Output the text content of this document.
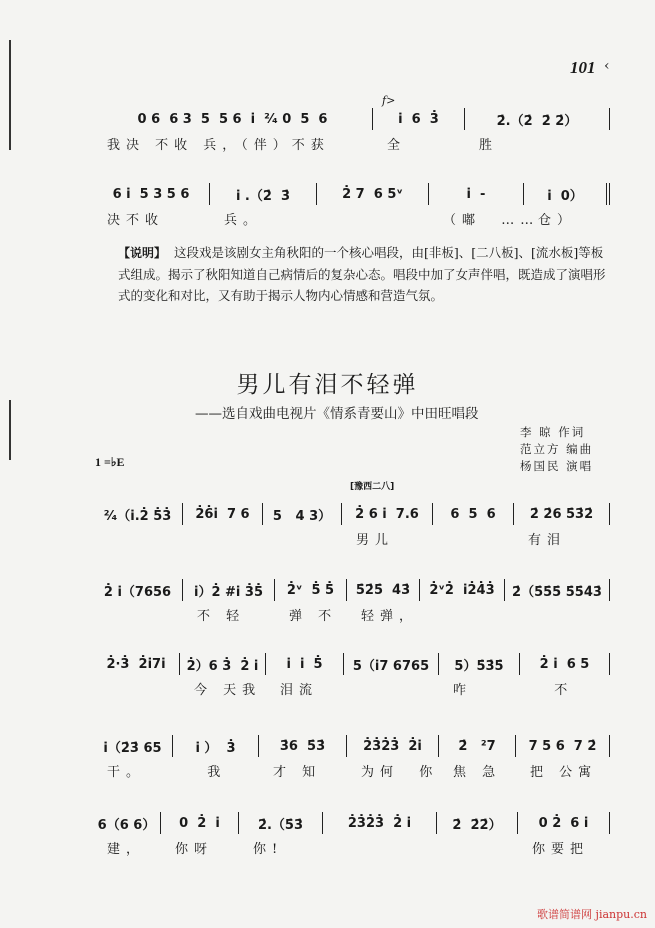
101 ‹
0 6  6 3  5  5 6  i̇  ²⁄₄ 0  5  6	i̇  6  3̇	2̇.（2̇  2̇ 2̇）
我决 不收 兵，（伴）不获	全	胜
f>
6 i̇  5 3 5 6	i̇ .（2̇  3̇	2̇ 7  6 5ᵛ	i̇  -	i̇  0）
决不收	兵。	（嘟  ……
仓）
【说明】 这段戏是该剧女主角秋阳的一个核心唱段，由[非板]、[二八板]、[流水板]等板式组成。揭示了秋阳知道自己病情后的复杂心态。唱段中加了女声伴唱，既造成了演唱形式的变化和对比，又有助于揭示人物内心情感和营造气氛。
男儿有泪不轻弹
——选自戏曲电视片《情系青要山》中田旺唱段
李 晾 作词
范立方 编曲
杨国民 演唱
1 =♭E
[豫西二八]
²⁄₄（i̇.2̇ 5̇3̇	2̇6̇i̇  7 6	5   4 3）	2̇ 6 i̇  7.6	6  5  6	2̇ 2̇6 5̇3̇2̇
男儿	有泪
2̇ i̇（7656	i̇）2̇ #i̇ 3̇5̇	2̇ᵛ  5̇ 5̇	5̇2̇5̇  4̇3̇	2̇ᵛ2̇  i̇2̇4̇3̇	2̇（5̇5̇5̇ 5̇5̇4̇3̇
不 轻	弹 不	轻弹，
2̇·3̇  2̇i̇7i̇	2̇）6 3̇  2̇ i̇	i̇  i̇  5̇	5（i̇7 6765	5）5̇3̇5̇	2̇ i̇  6 5
今 天我	泪流	咋	不
i̇（2̇3̇ 65	i̇ ）  3̇	3̇6  5̇3̇	2̇3̇2̇3̇  2̇i̇	2̇   ²7	7 5 6  7 2̇
干。	我	才 知	为何  你	焦 急	把 公寓
6（6 6）	0  2̇  i̇	2̇.（5̇3̇	2̇3̇2̇3̇  2̇ i̇	2̇  2̇2̇）	0 2̇  6 i̇
建，	你呀	你!	你要把
歌谱简谱网 jianpu.cn
